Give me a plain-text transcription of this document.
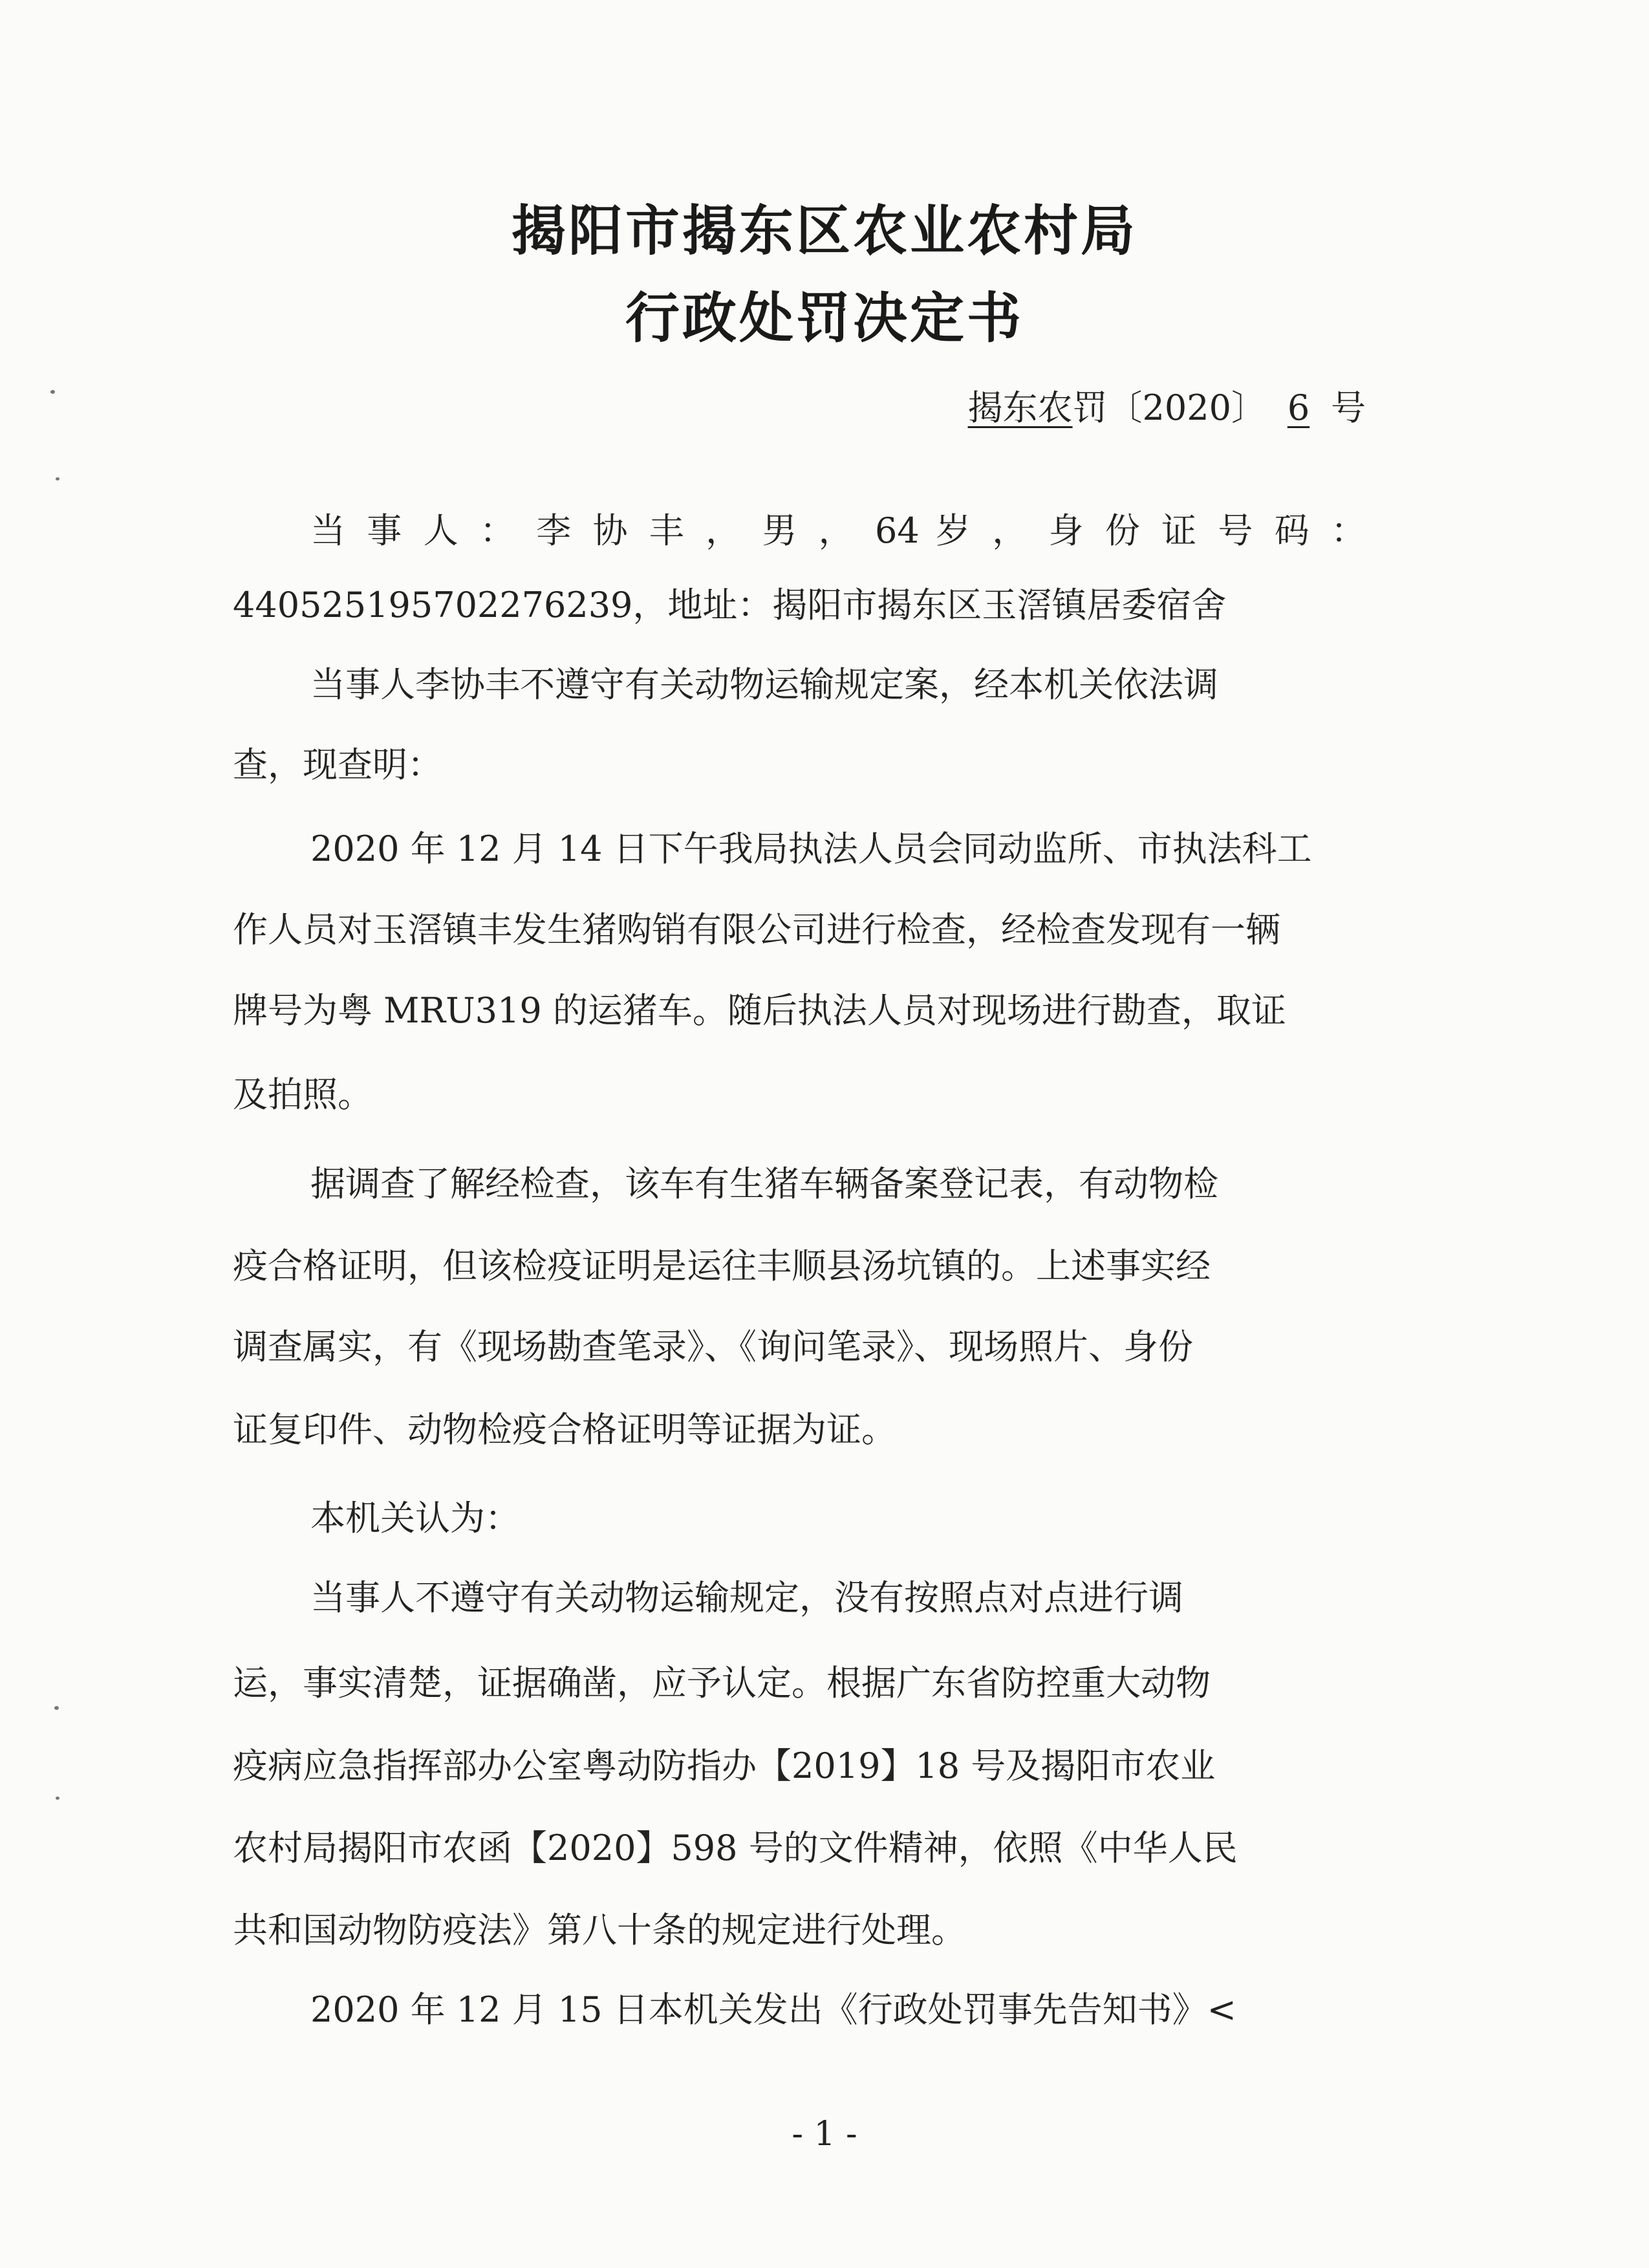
揭阳市揭东区农业农村局
行政处罚决定书
揭东农罚〔2020〕 6 号
当 事 人 ： 李 协 丰 ， 男 ， 64 岁 ， 身 份 证 号 码 ：
440525195702276239，地址：揭阳市揭东区玉滘镇居委宿舍
当事人李协丰不遵守有关动物运输规定案，经本机关依法调
查，现查明：
2020 年 12 月 14 日下午我局执法人员会同动监所、市执法科工
作人员对玉滘镇丰发生猪购销有限公司进行检查，经检查发现有一辆
牌号为粤 MRU319 的运猪车。随后执法人员对现场进行勘查，取证
及拍照。
据调查了解经检查，该车有生猪车辆备案登记表，有动物检
疫合格证明，但该检疫证明是运往丰顺县汤坑镇的。上述事实经
调查属实，有《现场勘查笔录》、《询问笔录》、现场照片、身份
证复印件、动物检疫合格证明等证据为证。
本机关认为：
当事人不遵守有关动物运输规定，没有按照点对点进行调
运，事实清楚，证据确凿，应予认定。根据广东省防控重大动物
疫病应急指挥部办公室粤动防指办【2019】18 号及揭阳市农业
农村局揭阳市农函【2020】598 号的文件精神，依照《中华人民
共和国动物防疫法》第八十条的规定进行处理。
2020 年 12 月 15 日本机关发出《行政处罚事先告知书》<
- 1 -
